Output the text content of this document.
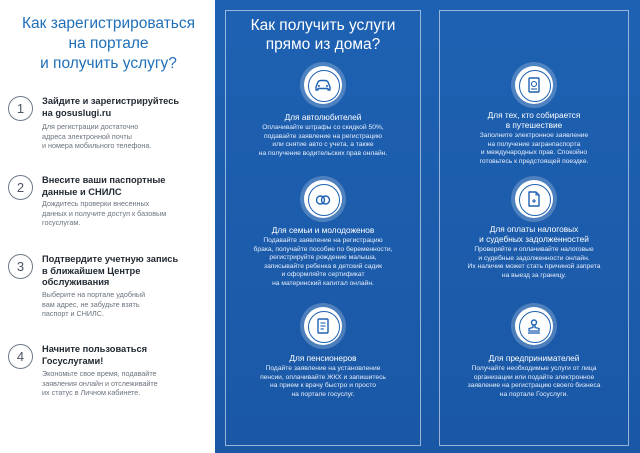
Как зарегистрироваться
на портале
и получить услугу?
1	Зайдите и зарегистрируйтесь
на gosuslugi.ru
Для регистрации достаточно
адреса электронной почты
и номера мобильного телефона.
2	Внесите ваши паспортные
данные и СНИЛС
Дождитесь проверки внесенных
данных и получите доступ к базовым
госуслугам.
3	Подтвердите учетную запись
в ближайшем Центре
обслуживания
Выберите на портале удобный
вам адрес, не забудьте взять
паспорт и СНИЛС.
4	Начните пользоваться
Госуслугами!
Экономьте свое время, подавайте
заявления онлайн и отслеживайте
их статус в Личном кабинете.
Как получить услуги
прямо из дома?
Для автолюбителей
Оплачивайте штрафы со скидкой 50%,
подавайте заявление на регистрацию
или снятие авто с учета, а также
на получение водительских прав онлайн.
Для тех, кто собирается
в путешествие
Заполните электронное заявление
на получение загранпаспорта
и международных прав. Спокойно
готовьтесь к предстоящей поездке.
Для семьи и молодоженов
Подавайте заявление на регистрацию
брака, получайте пособие по беременности,
регистрируйте рождение малыша,
записывайте ребенка в детский садик
и оформляйте сертификат
на материнский капитал онлайн.
Для оплаты налоговых
и судебных задолженностей
Проверяйте и оплачивайте налоговые
и судебные задолженности онлайн.
Их наличие может стать причиной запрета
на выезд за границу.
Для пенсионеров
Подайте заявление на установление
пенсии, оплачивайте ЖКХ и запишитесь
на прием к врачу быстро и просто
на портале госуслуг.
Для предпринимателей
Получайте необходимые услуги от лица
организации или подайте электронное
заявление на регистрацию своего бизнеса
на портале Госуслуги.
